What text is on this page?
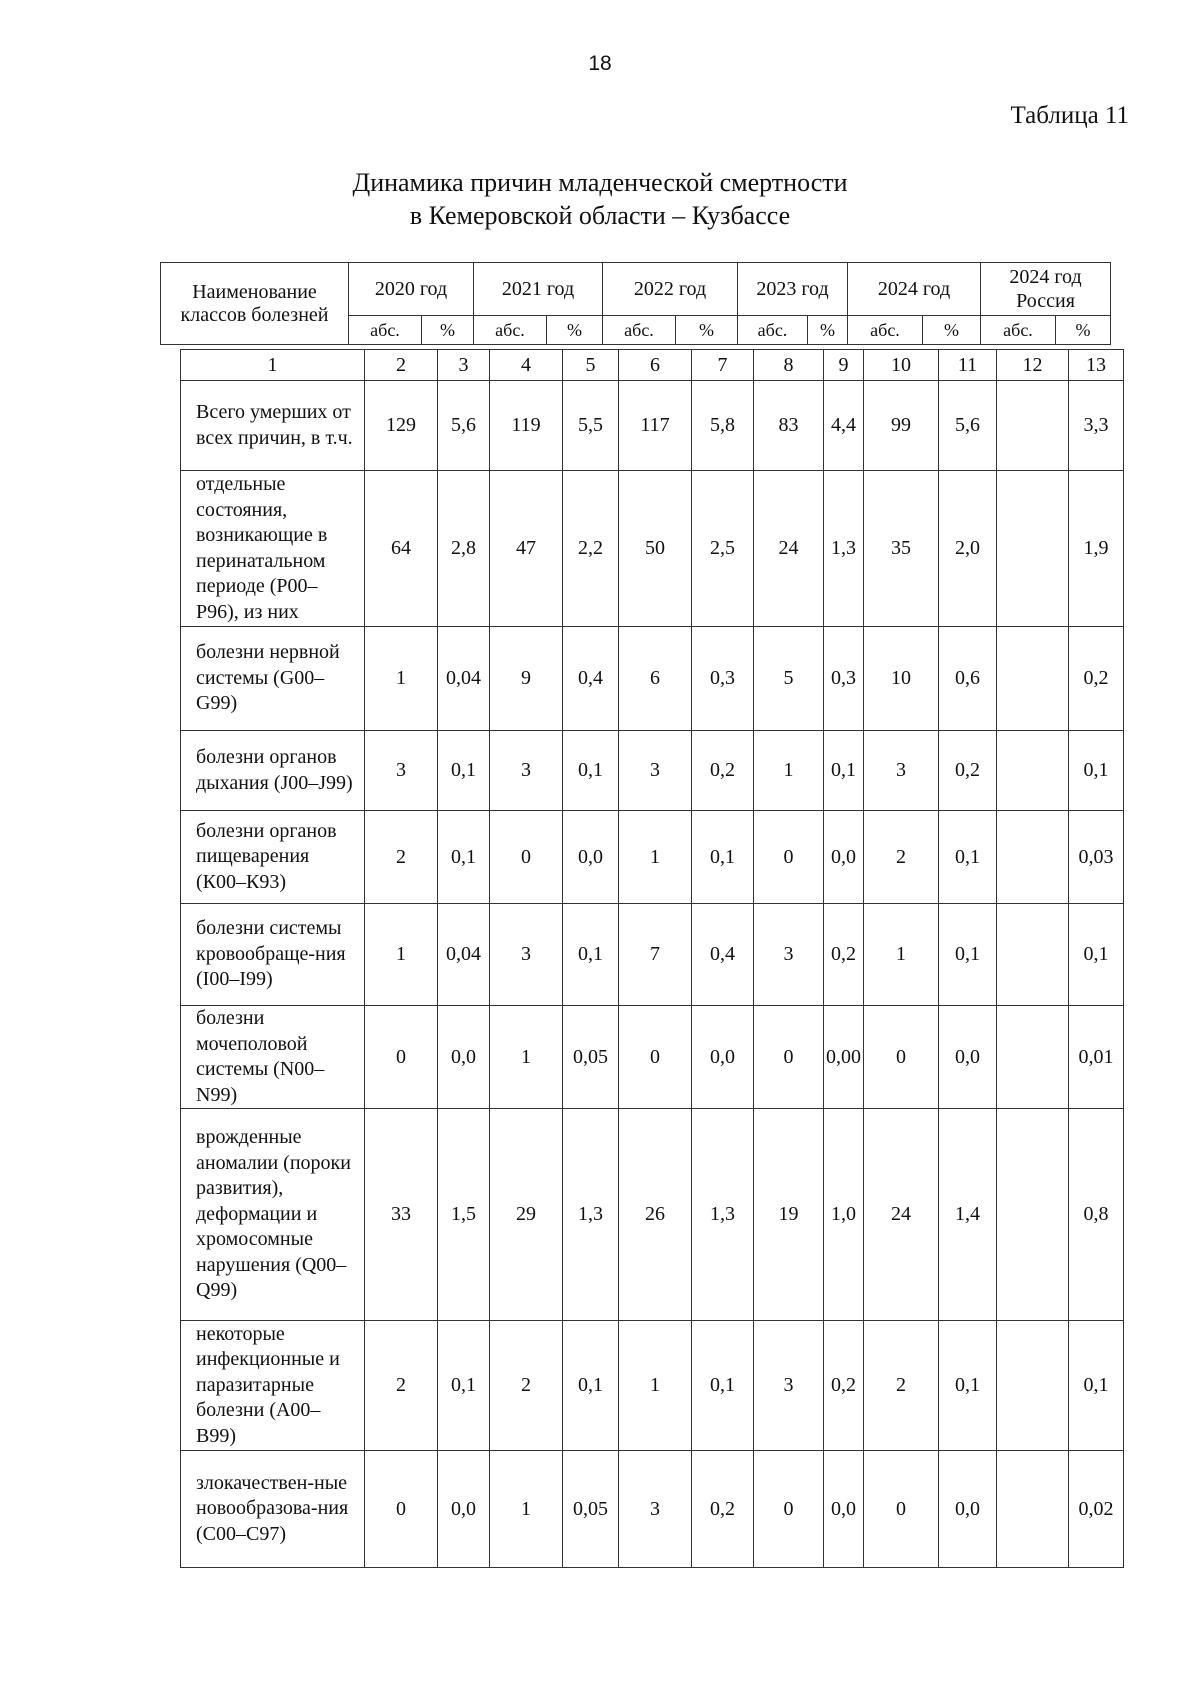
18
Таблица 11
Динамика причин младенческой смертности
в Кемеровской области – Кузбассе
Наименование классов болезней	2020 год		2021 год		2022 год		2023 год		2024 год		2024 год Россия	
	абс.	%	абс.	%	абс.	%	абс.	%	абс.	%	абс.	%
1	2	3	4	5	6	7	8	9	10	11	12	13
Всего умерших от всех причин, в т.ч.	129	5,6	119	5,5	117	5,8	83	4,4	99	5,6		3,3
отдельные состояния, возникающие в перинатальном периоде (Р00–Р96), из них	64	2,8	47	2,2	50	2,5	24	1,3	35	2,0		1,9
болезни нервной системы (G00–G99)	1	0,04	9	0,4	6	0,3	5	0,3	10	0,6		0,2
болезни органов дыхания (J00–J99)	3	0,1	3	0,1	3	0,2	1	0,1	3	0,2		0,1
болезни органов пищеварения (К00–К93)	2	0,1	0	0,0	1	0,1	0	0,0	2	0,1		0,03
болезни системы кровообраще-ния (I00–I99)	1	0,04	3	0,1	7	0,4	3	0,2	1	0,1		0,1
болезни мочеполовой системы (N00–N99)	0	0,0	1	0,05	0	0,0	0	0,00	0	0,0		0,01
врожденные аномалии (пороки развития), деформации и хромосомные нарушения (Q00–Q99)	33	1,5	29	1,3	26	1,3	19	1,0	24	1,4		0,8
некоторые инфекционные и паразитарные болезни (А00–В99)	2	0,1	2	0,1	1	0,1	3	0,2	2	0,1		0,1
злокачествен-ные новообразова-ния (С00–С97)	0	0,0	1	0,05	3	0,2	0	0,0	0	0,0		0,02
